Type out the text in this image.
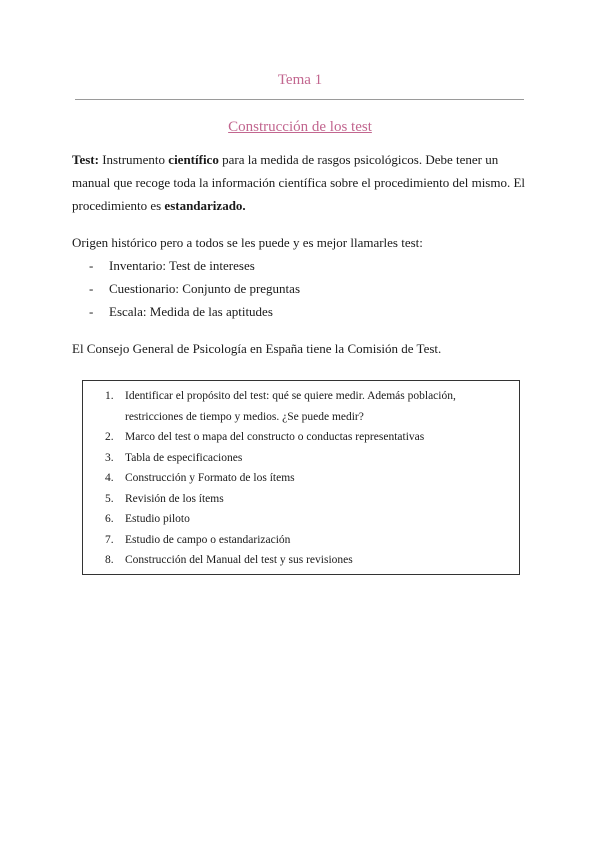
Tema 1
Construcción de los test

Test: Instrumento científico para la medida de rasgos psicológicos. Debe tener un manual que recoge toda la información científica sobre el procedimiento del mismo. El procedimiento es estandarizado.

Origen histórico pero a todos se les puede y es mejor llamarles test:
- Inventario: Test de intereses
- Cuestionario: Conjunto de preguntas
- Escala: Medida de las aptitudes
El Consejo General de Psicología en España tiene la Comisión de Test.
1. Identificar el propósito del test: qué se quiere medir. Además población, restricciones de tiempo y medios. ¿Se puede medir?
2. Marco del test o mapa del constructo o conductas representativas
3. Tabla de especificaciones
4. Construcción y Formato de los ítems
5. Revisión de los ítems
6. Estudio piloto
7. Estudio de campo o estandarización
8. Construcción del Manual del test y sus revisiones
